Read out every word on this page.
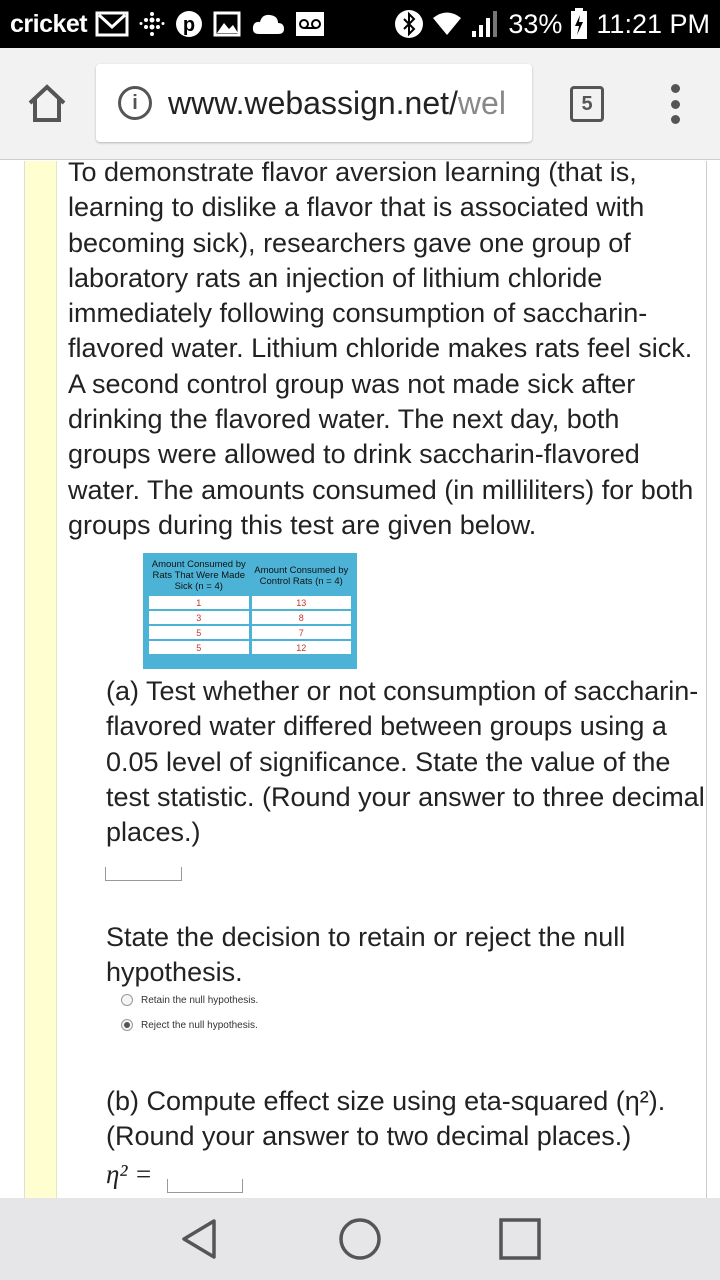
cricket	p	33% 11:21 PM
i www.webassign.net/ wel	5

To demonstrate flavor aversion learning (that is, learning to dislike a flavor that is associated with becoming sick), researchers gave one group of laboratory rats an injection of lithium chloride immediately following consumption of saccharin-flavored water. Lithium chloride makes rats feel sick. A second control group was not made sick after drinking the flavored water. The next day, both groups were allowed to drink saccharin-flavored water. The amounts consumed (in milliliters) for both groups during this test are given below.

Amount Consumed by Rats That Were Made Sick (n = 4)	Amount Consumed by Control Rats (n = 4)
1	13
3	8
5	7
5	12

(a) Test whether or not consumption of saccharin-flavored water differed between groups using a 0.05 level of significance. State the value of the test statistic. (Round your answer to three decimal places.)

State the decision to retain or reject the null hypothesis.

Retain the null hypothesis.
Reject the null hypothesis.

(b) Compute effect size using eta-squared (η²). (Round your answer to two decimal places.)

η² =
